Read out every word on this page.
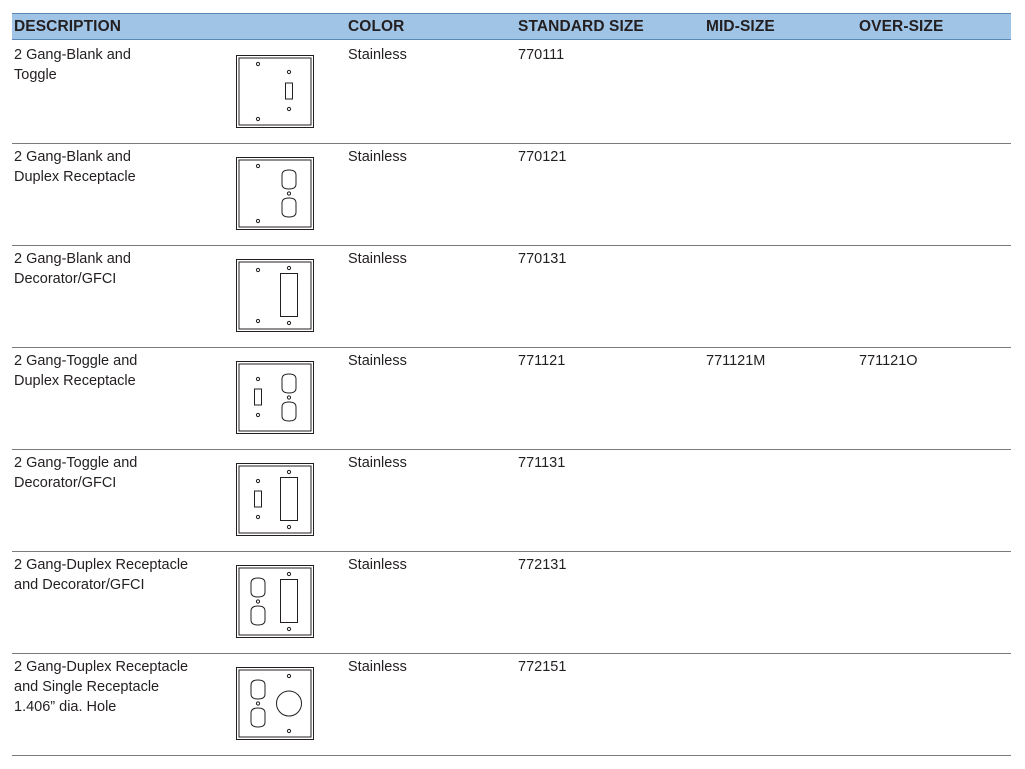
DESCRIPTION	COLOR	STANDARD SIZE	MID-SIZE	OVER-SIZE
2 Gang-Blank and
Toggle
Stainless	770111
2 Gang-Blank and
Duplex Receptacle
Stainless	770121
2 Gang-Blank and
Decorator/GFCI
Stainless	770131
2 Gang-Toggle and
Duplex Receptacle
Stainless	771121	771121M	771121O
2 Gang-Toggle and
Decorator/GFCI
Stainless	771131
2 Gang-Duplex Receptacle
and Decorator/GFCI
Stainless	772131
2 Gang-Duplex Receptacle
and Single Receptacle
1.406” dia. Hole
Stainless	772151
